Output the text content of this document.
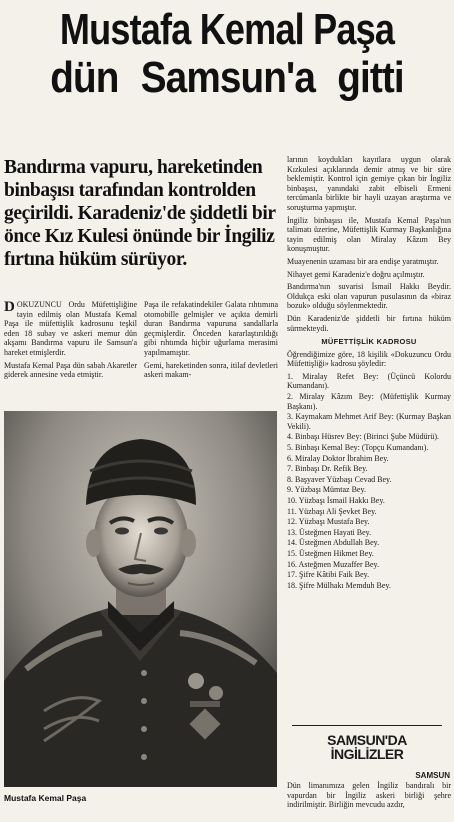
Mustafa Kemal Paşa
dün Samsun'a gitti

Bandırma vapuru, hareketinden

binbaşısı tarafından kontrolden

geçirildi. Karadeniz'de şiddetli bir

önce Kız Kulesi önünde bir İngiliz

fırtına hüküm sürüyor.

DOKUZUNCU Ordu Müfettişliğine tayin edilmiş olan Mustafa Kemal Paşa ile müfettişlik kadrosunu teşkil eden 18 subay ve askeri memur dün akşamı Bandırma vapuru ile Samsun'a hareket etmişlerdir.

Mustafa Kemal Paşa dün sabah Akaretler giderek annesine veda etmiştir.

Paşa ile refakatindekiler Galata rıhtımına otomobille gelmişler ve açıkta demirli duran Bandırma vapuruna sandallarla geçmişlerdir. Önceden kararlaştırıldığı gibi rıhtımda hiçbir uğurlama merasimi yapılmamıştır.

Gemi, hareketinden sonra, itilaf devletleri askeri makam-

Mustafa Kemal Paşa

larının koydukları kayıtlara uygun olarak Kızkulesi açıklarında demir atmış ve bir süre beklemiştir. Kontrol için gemiye çıkan bir İngiliz binbaşısı, yanındaki zabit elbiseli Ermeni tercümanla birlikte bir hayli uzayan araştırma ve soruşturma yapmıştır.

İngiliz binbaşısı ile, Mustafa Kemal Paşa'nın talimatı üzerine, Müfettişlik Kurmay Başkanlığına tayin edilmiş olan Miralay Kâzım Bey konuşmuştur.

Muayenenin uzaması bir ara endişe yaratmıştır.

Nihayet gemi Karadeniz'e doğru açılmıştır.

Bandırma'nın suvarisi İsmail Hakkı Beydir. Oldukça eski olan vapurun pusulasının da «biraz bozuk» olduğu söylenmektedir.

Dün Karadeniz'de şiddetli bir fırtına hüküm sürmekteydi.

MÜFETTİŞLİK KADROSU

Öğrendiğimize göre, 18 kişilik «Dokuzuncu Ordu Müfettişliği» kadrosu şöyledir:

1. Miralay Refet Bey: (Üçüncü Kolordu Kumandanı).
2. Miralay Kâzım Bey: (Müfettişlik Kurmay Başkanı).
3. Kaymakam Mehmet Arif Bey: (Kurmay Başkan Vekili).
4. Binbaşı Hüsrev Bey: (Birinci Şube Müdürü).
5. Binbaşı Kemal Bey: (Topçu Kumandanı).
6. Miralay Doktor İbrahim Bey.
7. Binbaşı Dr. Refik Bey.
8. Başyaver Yüzbaşı Cevad Bey.
9. Yüzbaşı Mümtaz Bey.
10. Yüzbaşı İsmail Hakkı Bey.
11. Yüzbaşı Ali Şevket Bey.
12. Yüzbaşı Mustafa Bey.
13. Üsteğmen Hayati Bey.
14. Üsteğmen Abdullah Bey.
15. Üsteğmen Hikmet Bey.
16. Asteğmen Muzaffer Bey.
17. Şifre Kâtibi Faik Bey.
18. Şifre Mülhakı Memduh Bey.
SAMSUN'DA
İNGİLİZLER
SAMSUN

Dün limanımıza gelen İngiliz bandıralı bir vapurdan bir İngiliz askeri birliği şehre indirilmiştir. Birliğin mevcudu azdır,
